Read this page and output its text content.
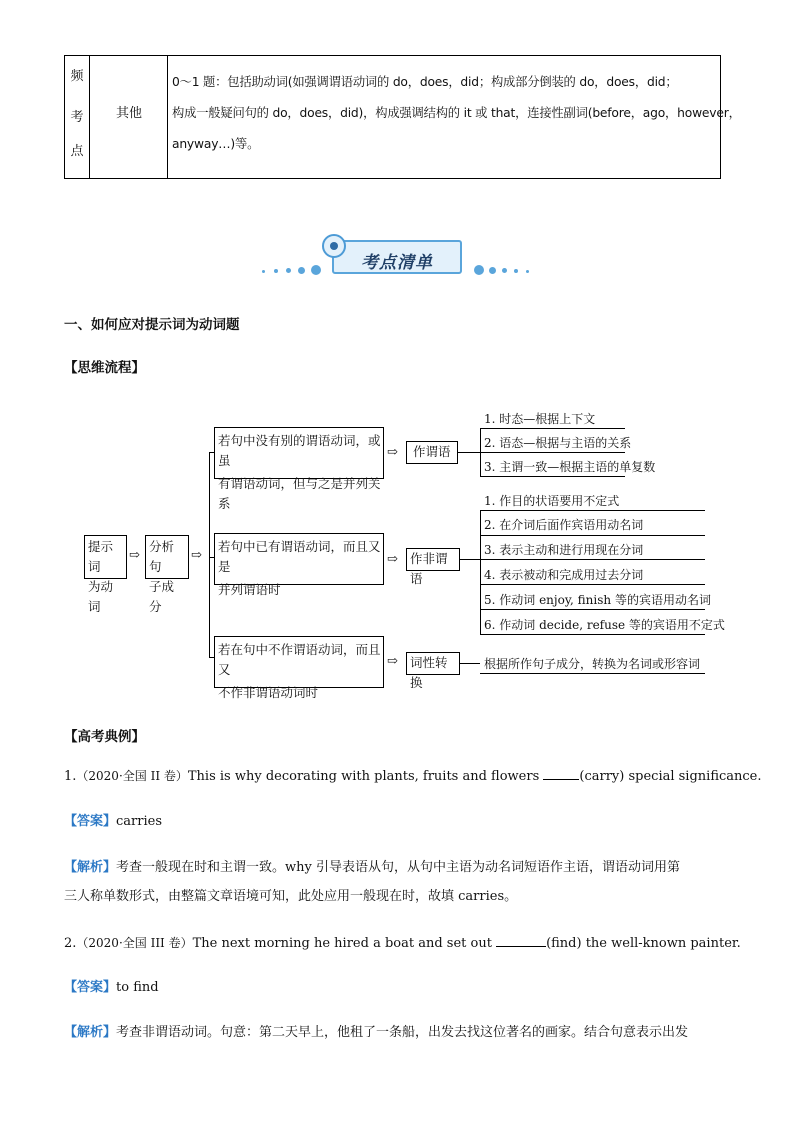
频
考
点
其他
0～1 题：包括助动词(如强调谓语动词的 do，does，did；构成部分倒装的 do，does，did；
构成一般疑问句的 do，does，did)，构成强调结构的 it 或 that，连接性副词(before，ago，however，
anyway…)等。
考点清单
一、如何应对提示词为动词题
【思维流程】
提示词
为动词
⇨
分析句
子成分
⇨
若句中没有别的谓语动词，或虽
有谓语动词，但与之是并列关系
若句中已有谓语动词，而且又是
并列谓语时
若在句中不作谓语动词，而且又
不作非谓语动词时
⇨
⇨
⇨
作谓语
作非谓语
词性转换
1. 时态—根据上下文
2. 语态—根据与主语的关系
3. 主谓一致—根据主语的单复数
1. 作目的状语要用不定式
2. 在介词后面作宾语用动名词
3. 表示主动和进行用现在分词
4. 表示被动和完成用过去分词
5. 作动词 enjoy, finish 等的宾语用动名词
6. 作动词 decide, refuse 等的宾语用不定式
根据所作句子成分，转换为名词或形容词
【高考典例】
1.（2020·全国 II 卷）This is why decorating with plants, fruits and flowers	(carry) special significance.
【答案】carries
【解析】考查一般现在时和主谓一致。why 引导表语从句，从句中主语为动名词短语作主语，谓语动词用第
三人称单数形式，由整篇文章语境可知，此处应用一般现在时，故填 carries。
2.（2020·全国 III 卷）The next morning he hired a boat and set out	(find) the well-known painter.
【答案】to find
【解析】考查非谓语动词。句意：第二天早上，他租了一条船，出发去找这位著名的画家。结合句意表示出发
